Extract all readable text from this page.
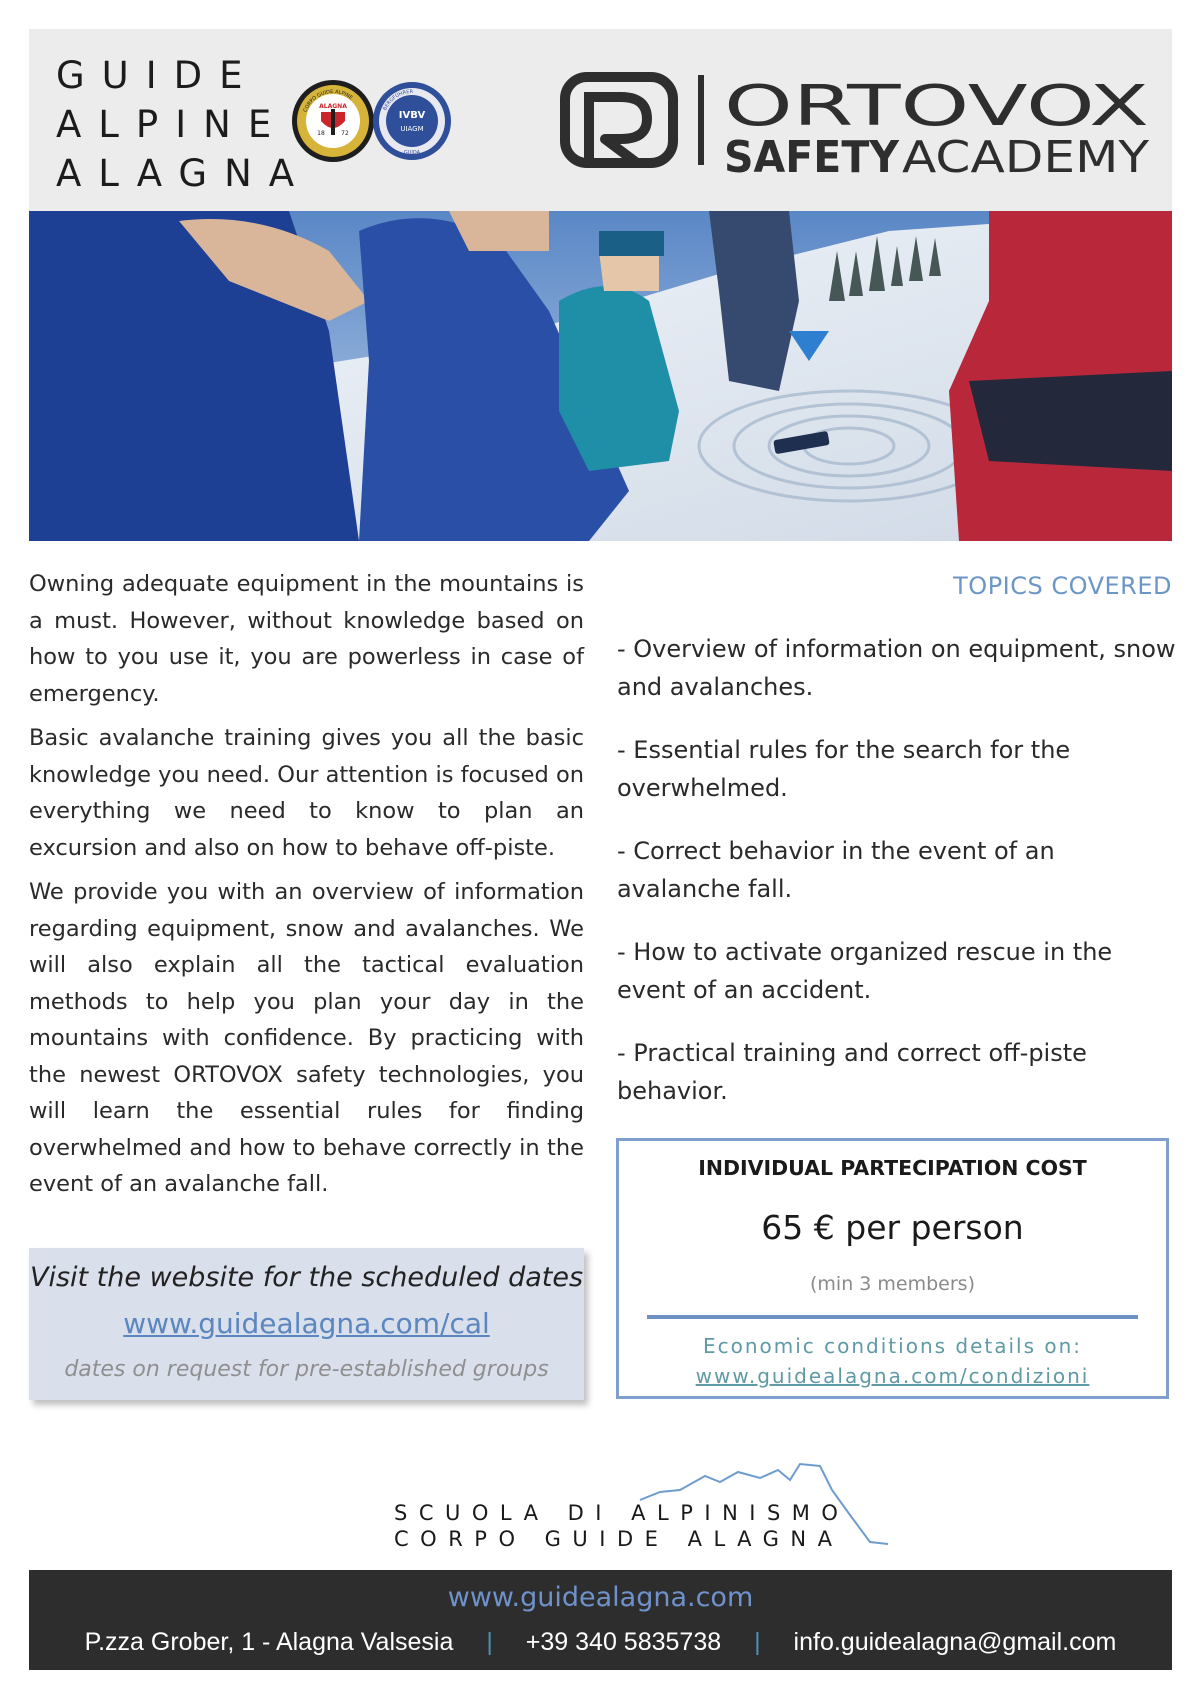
GUIDE
ALPINE
ALAGNA
ALAGNA
18	72
CORPO GUIDE ALPINE
BERGFÜHRER
IVBV
UIAGM
GUIDA
ORTOVOX
SAFETY ACADEMY

Owning adequate equipment in the mountains is a must. However, without knowledge based on how to you use it, you are powerless in case of emergency.

Basic avalanche training gives you all the basic knowledge you need. Our attention is focused on everything we need to know to plan an excursion and also on how to behave off-piste.

We provide you with an overview of information regarding equipment, snow and avalanches. We will also explain all the tactical evaluation methods to help you plan your day in the mountains with confidence. By practicing with the newest ORTOVOX safety technologies, you will learn the essential rules for finding overwhelmed and how to behave correctly in the event of an avalanche fall.

Visit the website for the scheduled dates
www.guidealagna.com/cal
dates on request for pre-established groups
TOPICS COVERED
- Overview of information on equipment, snow and avalanches.
- Essential rules for the search for the overwhelmed.
- Correct behavior in the event of an avalanche fall.
- How to activate organized rescue in the event of an accident.
- Practical training and correct off-piste behavior.
INDIVIDUAL PARTECIPATION COST
65 € per person
(min 3 members)
Economic conditions details on:
www.guidealagna.com/condizioni
SCUOLA DI ALPINISMO
CORPO GUIDE ALAGNA
www.guidealagna.com
P.zza Grober, 1 - Alagna Valsesia | +39 340 5835738 | info.guidealagna@gmail.com
